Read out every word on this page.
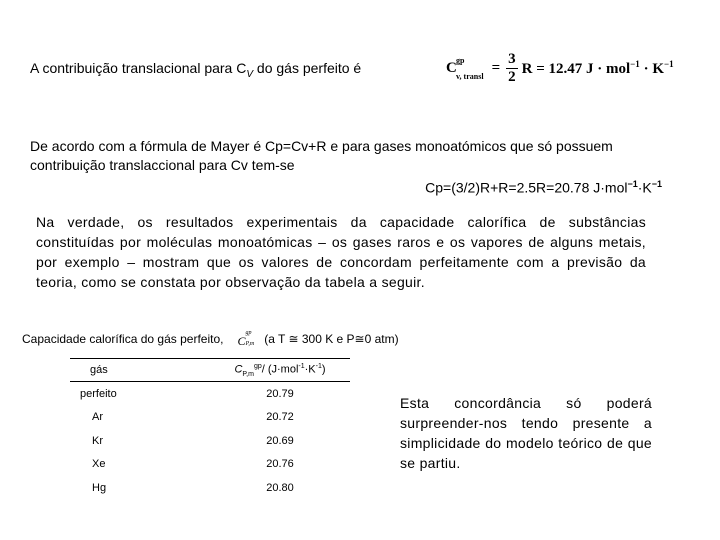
A contribuição translacional para $C_V$ do gás perfeito é	gp
C
v, transl = $\frac{3}{2}$ R = 12.47 $J \cdot mol^{-1} \cdot K^{-1}$
De acordo com a fórmula de Mayer é Cp=Cv+R e para gases monoatómicos que só possuem contribuição translaccional para Cv tem-se
Cp=(3/2)R+R=2.5R=20.78 $J\cdot mol^{-1}\cdot K^{-1}$
Na verdade, os resultados experimentais da capacidade calorífica de substâncias constituídas por moléculas monoatómicas – os gases raros e os vapores de alguns metais, por exemplo – mostram que os valores de concordam perfeitamente com a previsão da teoria, como se constata por observação da tabela a seguir.
Capacidade calorífica do gás perfeito,	gp
CP,m (a T ≅ 300 K e P≅0 atm)
gás	$C_{P,m}^{gp}/$ $(J\cdot mol^{-1}\cdot K^{-1})$
perfeito	20.79
Ar	20.72
Kr	20.69
Xe	20.76
Hg	20.80
Esta concordância só poderá surpreender-nos tendo presente a simplicidade do modelo teórico de que se partiu.
